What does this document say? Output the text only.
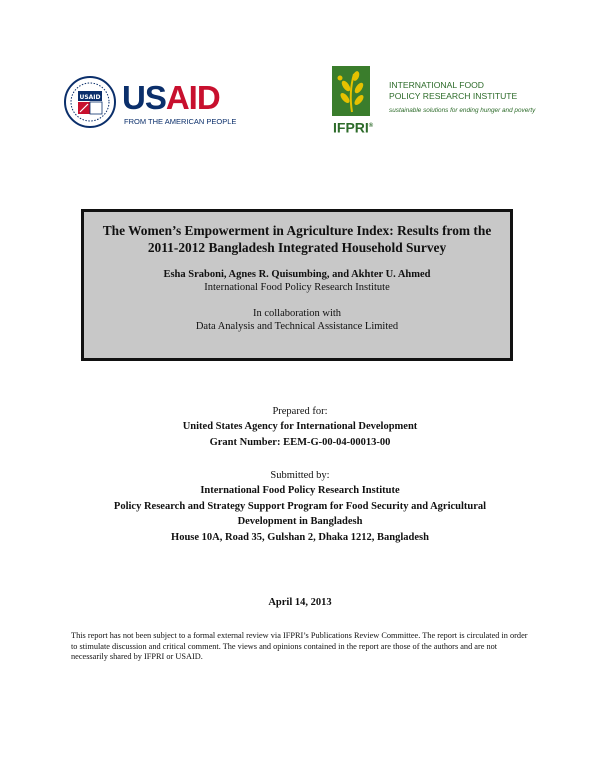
USAID USAID
FROM THE AMERICAN PEOPLE	IFPRI®
INTERNATIONAL FOOD
POLICY RESEARCH INSTITUTE
sustainable solutions for ending hunger and poverty
The Women’s Empowerment in Agriculture Index: Results from the 2011-2012 Bangladesh Integrated Household Survey
Esha Sraboni, Agnes R. Quisumbing, and Akhter U. Ahmed
International Food Policy Research Institute
In collaboration with
Data Analysis and Technical Assistance Limited
Prepared for:
United States Agency for International Development
Grant Number: EEM-G-00-04-00013-00
Submitted by:
International Food Policy Research Institute
Policy Research and Strategy Support Program for Food Security and Agricultural
Development in Bangladesh
House 10A, Road 35, Gulshan 2, Dhaka 1212, Bangladesh
April 14, 2013
This report has not been subject to a formal external review via IFPRI’s Publications Review Committee. The report is circulated in order to stimulate discussion and critical comment. The views and opinions contained in the report are those of the authors and are not necessarily shared by IFPRI or USAID.
